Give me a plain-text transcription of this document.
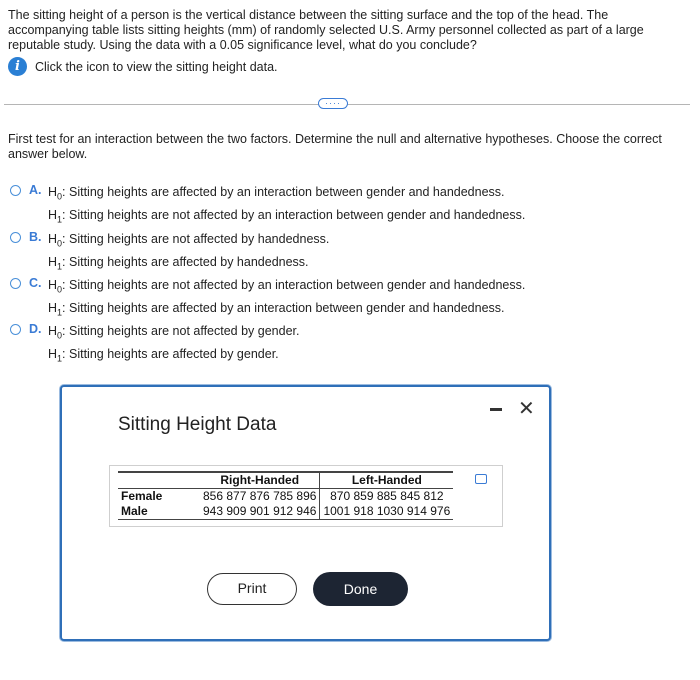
The sitting height of a person is the vertical distance between the sitting surface and the top of the head. The accompanying table lists sitting heights (mm) of randomly selected U.S. Army personnel collected as part of a large reputable study. Using the data with a 0.05 significance level, what do you conclude?
i	Click the icon to view the sitting height data.
····
First test for an interaction between the two factors. Determine the null and alternative hypotheses. Choose the correct answer below.
A. $H_0$: Sitting heights are affected by an interaction between gender and handedness.
$H_1$: Sitting heights are not affected by an interaction between gender and handedness.
B. $H_0$: Sitting heights are not affected by handedness.
$H_1$: Sitting heights are affected by handedness.
C. $H_0$: Sitting heights are not affected by an interaction between gender and handedness.
$H_1$: Sitting heights are affected by an interaction between gender and handedness.
D. $H_0$: Sitting heights are not affected by gender.
$H_1$: Sitting heights are affected by gender.
Sitting Height Data
✕
	Right-Handed	Left-Handed
Female	856 877 876 785 896	870 859 885 845 812
Male	943 909 901 912 946	1001 918 1030 914 976
Print	Done
